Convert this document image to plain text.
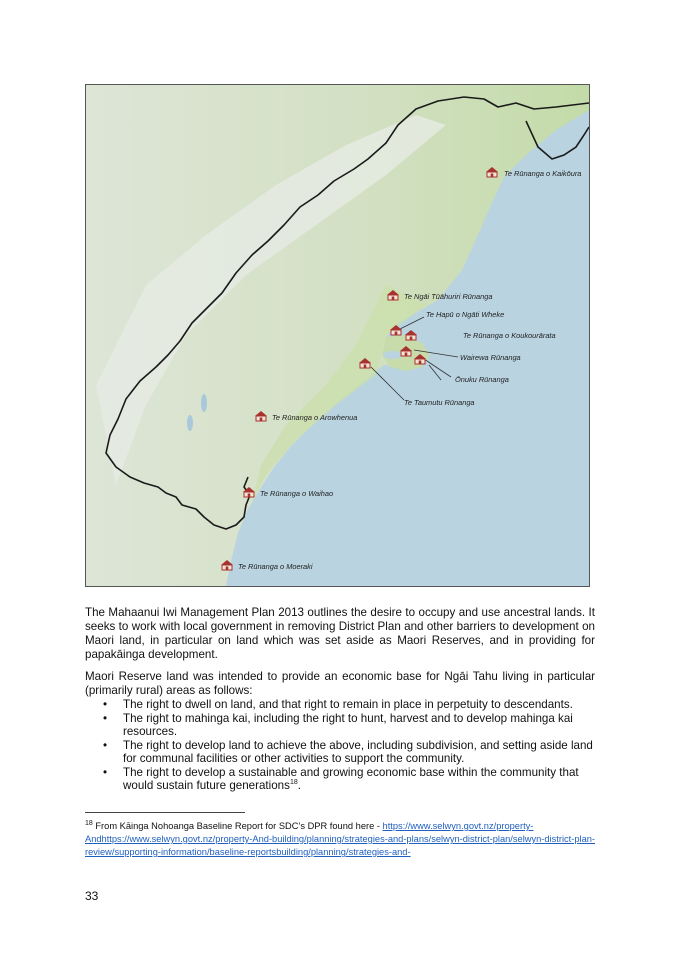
Te Rūnanga o Kaikōura
Te Ngāi Tūāhuriri Rūnanga
Te Hapū o Ngāti Wheke
Te Rūnanga o Koukourārata
Wairewa Rūnanga
Ōnuku Rūnanga
Te Taumutu Rūnanga
Te Rūnanga o Arowhenua
Te Rūnanga o Waihao
Te Rūnanga o Moeraki

The Mahaanui Iwi Management Plan 2013 outlines the desire to occupy and use ancestral lands. It seeks to work with local government in removing District Plan and other barriers to development on Maori land, in particular on land which was set aside as Maori Reserves, and in providing for papakāinga development.

Maori Reserve land was intended to provide an economic base for Ngāi Tahu living in particular (primarily rural) areas as follows:

• The right to dwell on land, and that right to remain in place in perpetuity to descendants.
• The right to mahinga kai, including the right to hunt, harvest and to develop mahinga kai resources.
• The right to develop land to achieve the above, including subdivision, and setting aside land for communal facilities or other activities to support the community.
• The right to develop a sustainable and growing economic base within the community that would sustain future generations$^{18}$.
$^{18}$ From Kāinga Nohoanga Baseline Report for SDC’s DPR found here - https://www.selwyn.govt.nz/property-Andhttps://www.selwyn.govt.nz/property-And-building/planning/strategies-and-plans/selwyn-district-plan/selwyn-district-plan-review/supporting-information/baseline-reportsbuilding/planning/strategies-and-
33
